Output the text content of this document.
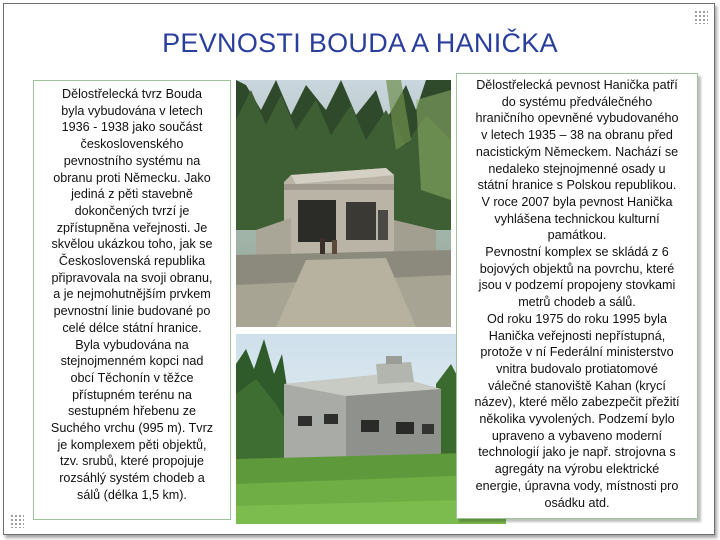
PEVNOSTI BOUDA A HANIČKA
Dělostřelecká tvrz Bouda
byla vybudována v letech
1936 - 1938 jako součást
československého
pevnostního systému na
obranu proti Německu. Jako
jediná z pěti stavebně
dokončených tvrzí je
zpřístupněna veřejnosti. Je
skvělou ukázkou toho, jak se
Československá republika
připravovala na svoji obranu,
a je nejmohutnějším prvkem
pevnostní linie budované po
celé délce státní hranice.
Byla vybudována na
stejnojmenném kopci nad
obcí Těchonín v těžce
přístupném terénu na
sestupném hřebenu ze
Suchého vrchu (995 m). Tvrz
je komplexem pěti objektů,
tzv. srubů, které propojuje
rozsáhlý systém chodeb a
sálů (délka 1,5 km).
Dělostřelecká pevnost Hanička patří
do systému předválečného
hraničního opevněné vybudovaného
v letech 1935 – 38 na obranu před
nacistickým Německem. Nachází se
nedaleko stejnojmenné osady u
státní hranice s Polskou republikou.
V roce 2007 byla pevnost Hanička
vyhlášena technickou kulturní
památkou.
Pevnostní komplex se skládá z 6
bojových objektů na povrchu, které
jsou v podzemí propojeny stovkami
metrů chodeb a sálů.
Od roku 1975 do roku 1995 byla
Hanička veřejnosti nepřístupná,
protože v ní Federální ministerstvo
vnitra budovalo protiatomové
válečné stanoviště Kahan (krycí
název), které mělo zabezpečit přežití
několika vyvolených. Podzemí bylo
upraveno a vybaveno moderní
technologií jako je např. strojovna s
agregáty na výrobu elektrické
energie, úpravna vody, místnosti pro
osádku atd.
